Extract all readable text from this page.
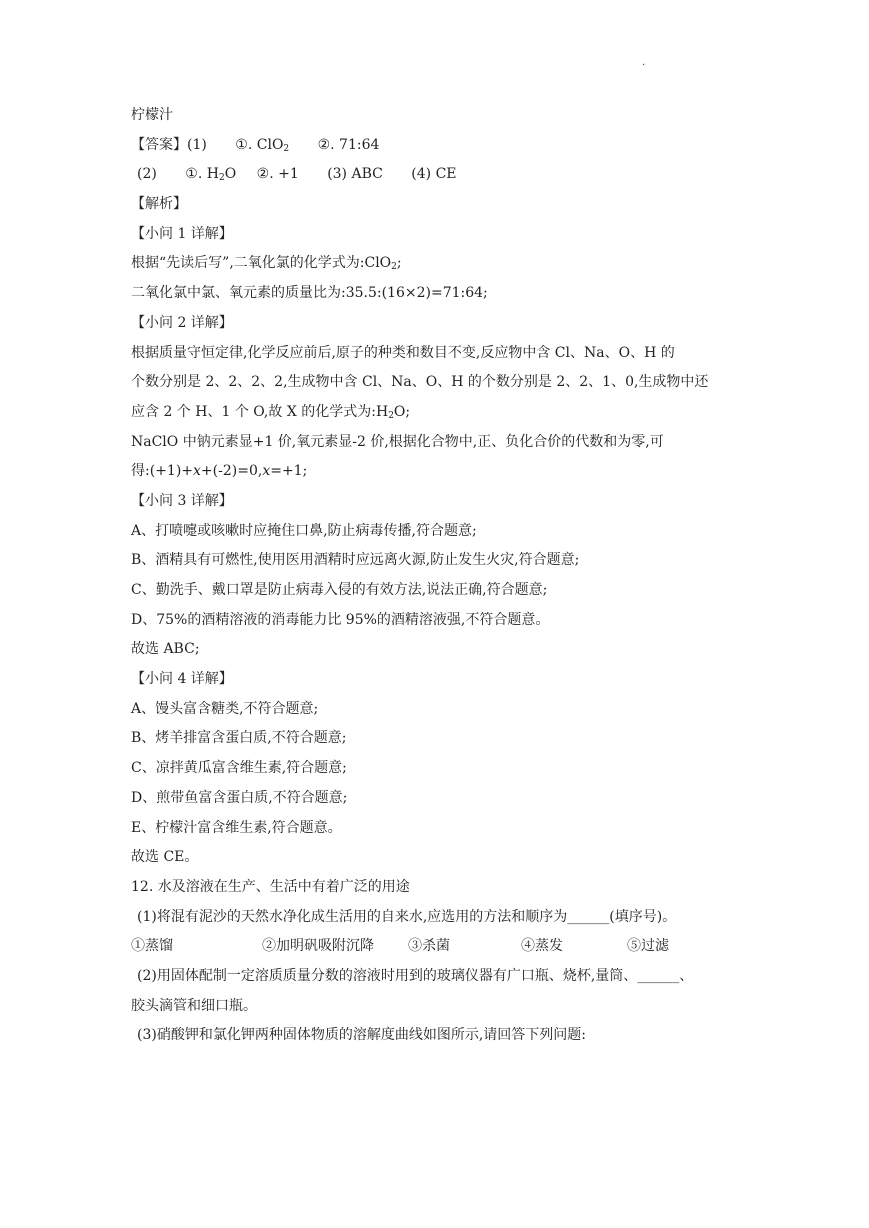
.
柠檬汁
【答案】(1) ①. ClO$_2$ ②. 71:64
(2) ①. $H_2O$ ②. +1 (3) ABC (4) CE
【解析】
【小问 1 详解】
根据“先读后写”,二氧化氯的化学式为:ClO$_2$;
二氧化氯中氯、氧元素的质量比为:35.5:(16×2)=71:64;
【小问 2 详解】
根据质量守恒定律,化学反应前后,原子的种类和数目不变,反应物中含 Cl、Na、O、H 的
个数分别是 2、2、2、2,生成物中含 Cl、Na、O、H 的个数分别是 2、2、1、0,生成物中还
应含 2 个 H、1 个 O,故 X 的化学式为$:H_2O$;
NaClO 中钠元素显+1 价,氧元素显-2 价,根据化合物中,正、负化合价的代数和为零,可
得:(+1)+x+(-2)=0,x=+1;
【小问 3 详解】
A、打喷嚏或咳嗽时应掩住口鼻,防止病毒传播,符合题意;
B、酒精具有可燃性,使用医用酒精时应远离火源,防止发生火灾,符合题意;
C、勤洗手、戴口罩是防止病毒入侵的有效方法,说法正确,符合题意;
D、75%的酒精溶液的消毒能力比 95%的酒精溶液强,不符合题意。
故选 ABC;
【小问 4 详解】
A、馒头富含糖类,不符合题意;
B、烤羊排富含蛋白质,不符合题意;
C、凉拌黄瓜富含维生素,符合题意;
D、煎带鱼富含蛋白质,不符合题意;
E、柠檬汁富含维生素,符合题意。
故选 CE。
12. 水及溶液在生产、生活中有着广泛的用途
(1)将混有泥沙的天然水净化成生活用的自来水,应选用的方法和顺序为______(填序号)。
①蒸馏	②加明矾吸附沉降 ③杀菌	④蒸发	⑤过滤
(2)用固体配制一定溶质质量分数的溶液时用到的玻璃仪器有广口瓶、烧杯,量筒、______、
胶头滴管和细口瓶。
(3)硝酸钾和氯化钾两种固体物质的溶解度曲线如图所示,请回答下列问题:
